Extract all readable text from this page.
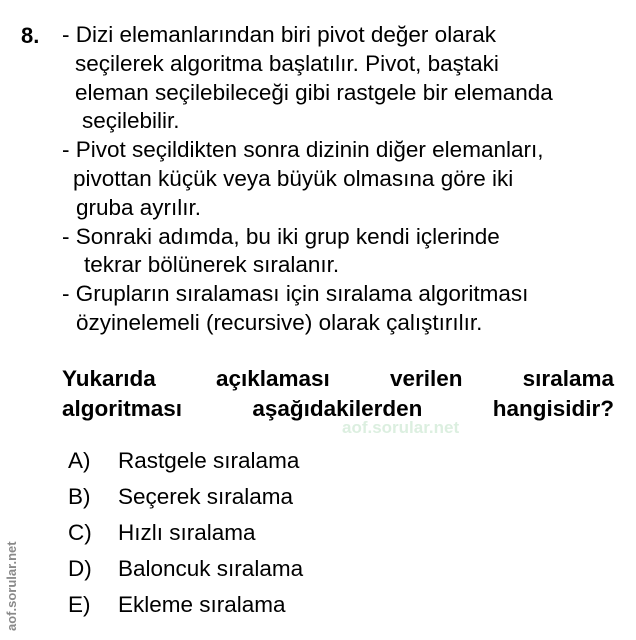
8. - Dizi elemanlarından biri pivot değer olarak
seçilerek algoritma başlatılır. Pivot, baştaki
eleman seçilebileceği gibi rastgele bir elemanda
seçilebilir.
- Pivot seçildikten sonra dizinin diğer elemanları,
pivottan küçük veya büyük olmasına göre iki
gruba ayrılır.
- Sonraki adımda, bu iki grup kendi içlerinde
tekrar bölünerek sıralanır.
- Grupların sıralaması için sıralama algoritması
özyinelemeli (recursive) olarak çalıştırılır.
Yukarıda açıklaması verilen sıralama
algoritması aşağıdakilerden hangisidir?
aof.sorular.net
A) Rastgele sıralama
B) Seçerek sıralama
C) Hızlı sıralama
D) Baloncuk sıralama
E) Ekleme sıralama
aof.sorular.net
